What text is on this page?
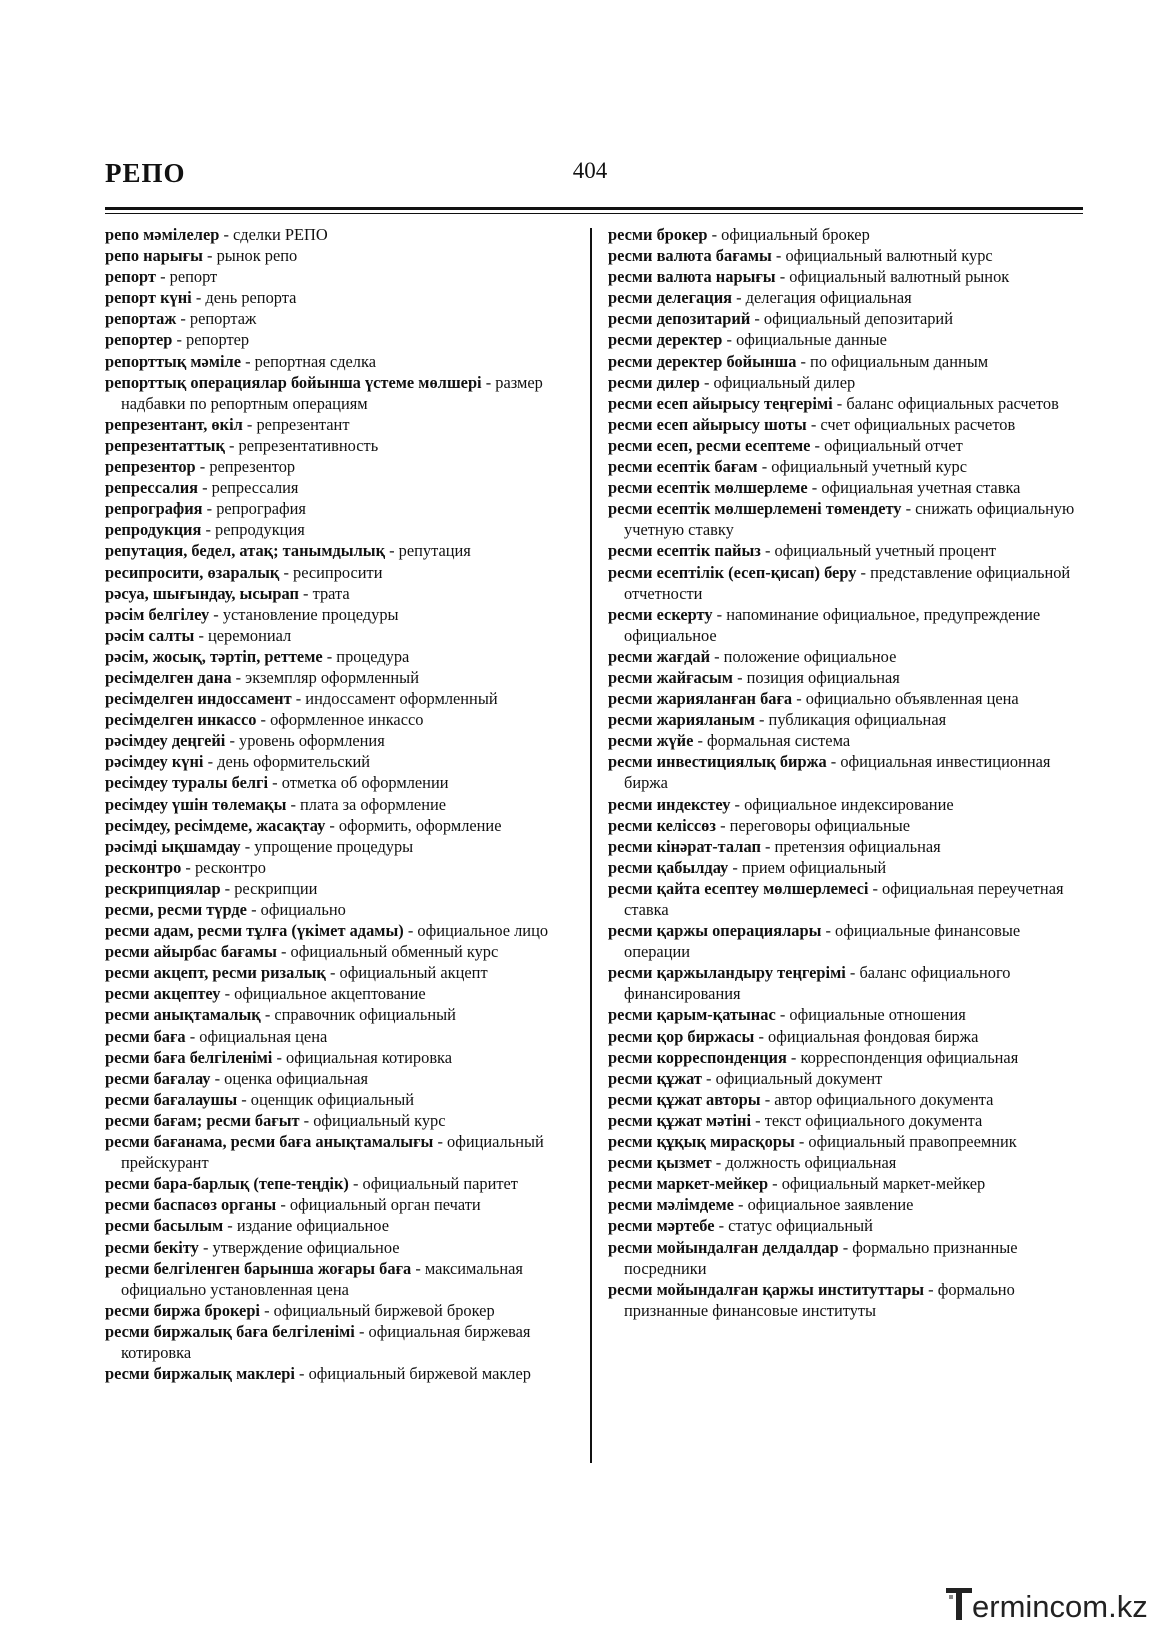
РЕПО	404

репо мәмілелер - сделки РЕПО

репо нарығы - рынок репо

репорт - репорт

репорт күні - день репорта

репортаж - репортаж

репортер - репортер

репорттық мәміле - репортная сделка

репорттық операциялар бойынша үстеме мөлшері - размер надбавки по репортным операциям

репрезентант, өкіл - репрезентант

репрезентаттық - репрезентативность

репрезентор - репрезентор

репрессалия - репрессалия

репрография - репрография

репродукция - репродукция

репутация, бедел, атақ; танымдылық - репутация

ресипросити, өзаралық - ресипросити

рәсуа, шығындау, ысырап - трата

рәсім белгілеу - установление процедуры

рәсім салты - церемониал

рәсім, жосық, тәртіп, реттеме - процедура

ресімделген дана - экземпляр оформленный

ресімделген индоссамент - индоссамент оформленный

ресімделген инкассо - оформленное инкассо

рәсімдеу деңгейі - уровень оформления

рәсімдеу күні - день оформительский

ресімдеу туралы белгі - отметка об оформлении

ресімдеу үшін төлемақы - плата за оформление

ресімдеу, ресімдеме, жасақтау - оформить, оформление

рәсімді ықшамдау - упрощение процедуры

ресконтро - ресконтро

рескрипциялар - рескрипции

ресми, ресми түрде - официально

ресми адам, ресми тұлға (үкімет адамы) - официальное лицо

ресми айырбас бағамы - официальный обменный курс

ресми акцепт, ресми ризалық - официальный акцепт

ресми акцептеу - официальное акцептование

ресми анықтамалық - справочник официальный

ресми баға - официальная цена

ресми баға белгіленімі - официальная котировка

ресми бағалау - оценка официальная

ресми бағалаушы - оценщик официальный

ресми бағам; ресми бағыт - официальный курс

ресми бағанама, ресми баға анықтамалығы - официальный прейскурант

ресми бара-барлық (тепе-теңдік) - официальный паритет

ресми баспасөз органы - официальный орган печати

ресми басылым - издание официальное

ресми бекіту - утверждение официальное

ресми белгіленген барынша жоғары баға - максимальная официально установленная цена

ресми биржа брокері - официальный биржевой брокер

ресми биржалық баға белгіленімі - официальная биржевая котировка

ресми биржалық маклері - официальный биржевой маклер

ресми брокер - официальный брокер

ресми валюта бағамы - официальный валютный курс

ресми валюта нарығы - официальный валютный рынок

ресми делегация - делегация официальная

ресми депозитарий - официальный депозитарий

ресми деректер - официальные данные

ресми деректер бойынша - по официальным данным

ресми дилер - официальный дилер

ресми есеп айырысу теңгерімі - баланс официальных расчетов

ресми есеп айырысу шоты - счет официальных расчетов

ресми есеп, ресми есептеме - официальный отчет

ресми есептік бағам - официальный учетный курс

ресми есептік мөлшерлеме - официальная учетная ставка

ресми есептік мөлшерлемені төмендету - снижать официальную учетную ставку

ресми есептік пайыз - официальный учетный процент

ресми есептілік (есеп-қисап) беру - представление официальной отчетности

ресми ескерту - напоминание официальное, предупреждение официальное

ресми жағдай - положение официальное

ресми жайғасым - позиция официальная

ресми жарияланған баға - официально объявленная цена

ресми жарияланым - публикация официальная

ресми жүйе - формальная система

ресми инвестициялық биржа - официальная инвестиционная биржа

ресми индекстеу - официальное индексирование

ресми келіссөз - переговоры официальные

ресми кінәрат-талап - претензия официальная

ресми қабылдау - прием официальный

ресми қайта есептеу мөлшерлемесі - официальная переучетная ставка

ресми қаржы операциялары - официальные финансовые операции

ресми қаржыландыру теңгерімі - баланс официального финансирования

ресми қарым-қатынас - официальные отношения

ресми қор биржасы - официальная фондовая биржа

ресми корреспонденция - корреспонденция официальная

ресми құжат - официальный документ

ресми құжат авторы - автор официального документа

ресми құжат мәтіні - текст официального документа

ресми құқық мирасқоры - официальный правопреемник

ресми қызмет - должность официальная

ресми маркет-мейкер - официальный маркет-мейкер

ресми мәлімдеме - официальное заявление

ресми мәртебе - статус официальный

ресми мойындалған делдалдар - формально признанные посредники

ресми мойындалған қаржы институттары - формально признанные финансовые институты

ermincom.kz
